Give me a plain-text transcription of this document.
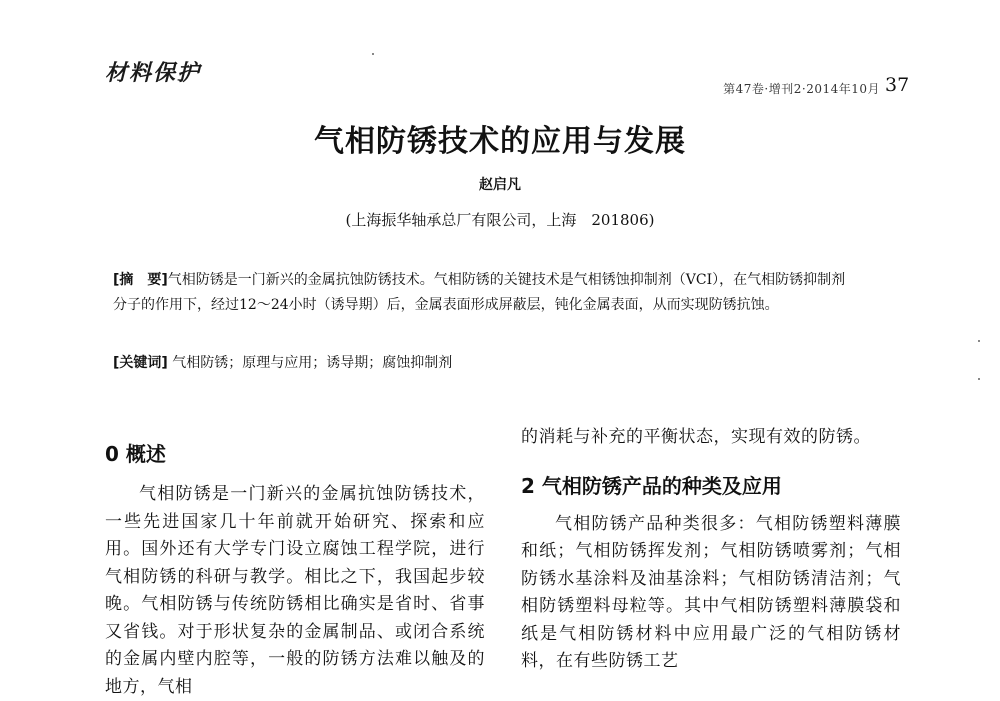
材料保护
第47卷·增刊2·2014年10月 37
气相防锈技术的应用与发展
赵启凡
(上海振华轴承总厂有限公司，上海　201806)
[摘　要]气相防锈是一门新兴的金属抗蚀防锈技术。气相防锈的关键技术是气相锈蚀抑制剂（VCI），在气相防锈抑制剂分子的作用下，经过12～24小时（诱导期）后，金属表面形成屏蔽层，钝化金属表面，从而实现防锈抗蚀。
[关键词] 气相防锈；原理与应用；诱导期；腐蚀抑制剂
0 概述

气相防锈是一门新兴的金属抗蚀防锈技术，一些先进国家几十年前就开始研究、探索和应用。国外还有大学专门设立腐蚀工程学院，进行气相防锈的科研与教学。相比之下，我国起步较晚。气相防锈与传统防锈相比确实是省时、省事又省钱。对于形状复杂的金属制品、或闭合系统的金属内壁内腔等，一般的防锈方法难以触及的地方，气相

的消耗与补充的平衡状态，实现有效的防锈。

2 气相防锈产品的种类及应用

气相防锈产品种类很多：气相防锈塑料薄膜和纸；气相防锈挥发剂；气相防锈喷雾剂；气相防锈水基涂料及油基涂料；气相防锈清洁剂；气相防锈塑料母粒等。其中气相防锈塑料薄膜袋和纸是气相防锈材料中应用最广泛的气相防锈材料，在有些防锈工艺
